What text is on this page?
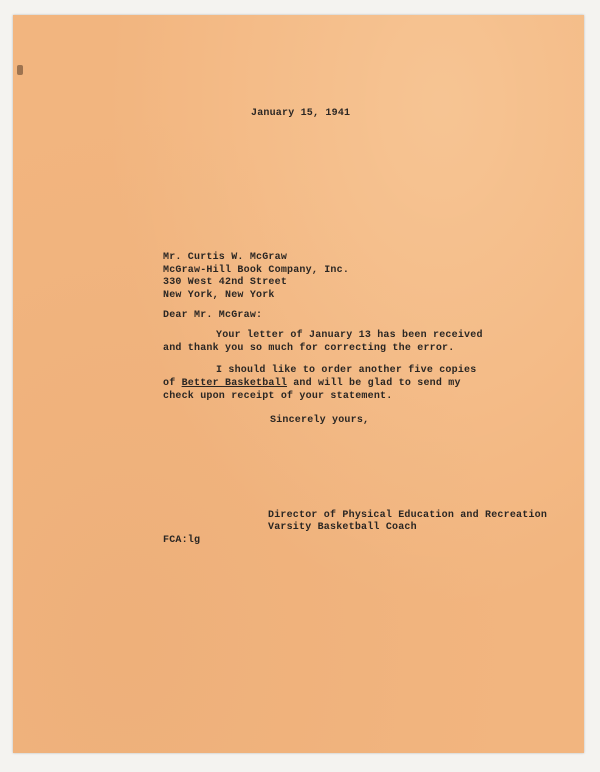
January 15, 1941
Mr. Curtis W. McGraw
McGraw-Hill Book Company, Inc.
330 West 42nd Street
New York, New York
Dear Mr. McGraw:
Your letter of January 13 has been received
and thank you so much for correcting the error.
I should like to order another five copies
of Better Basketball and will be glad to send my
check upon receipt of your statement.
Sincerely yours,
Director of Physical Education and Recreation
Varsity Basketball Coach
FCA:lg
